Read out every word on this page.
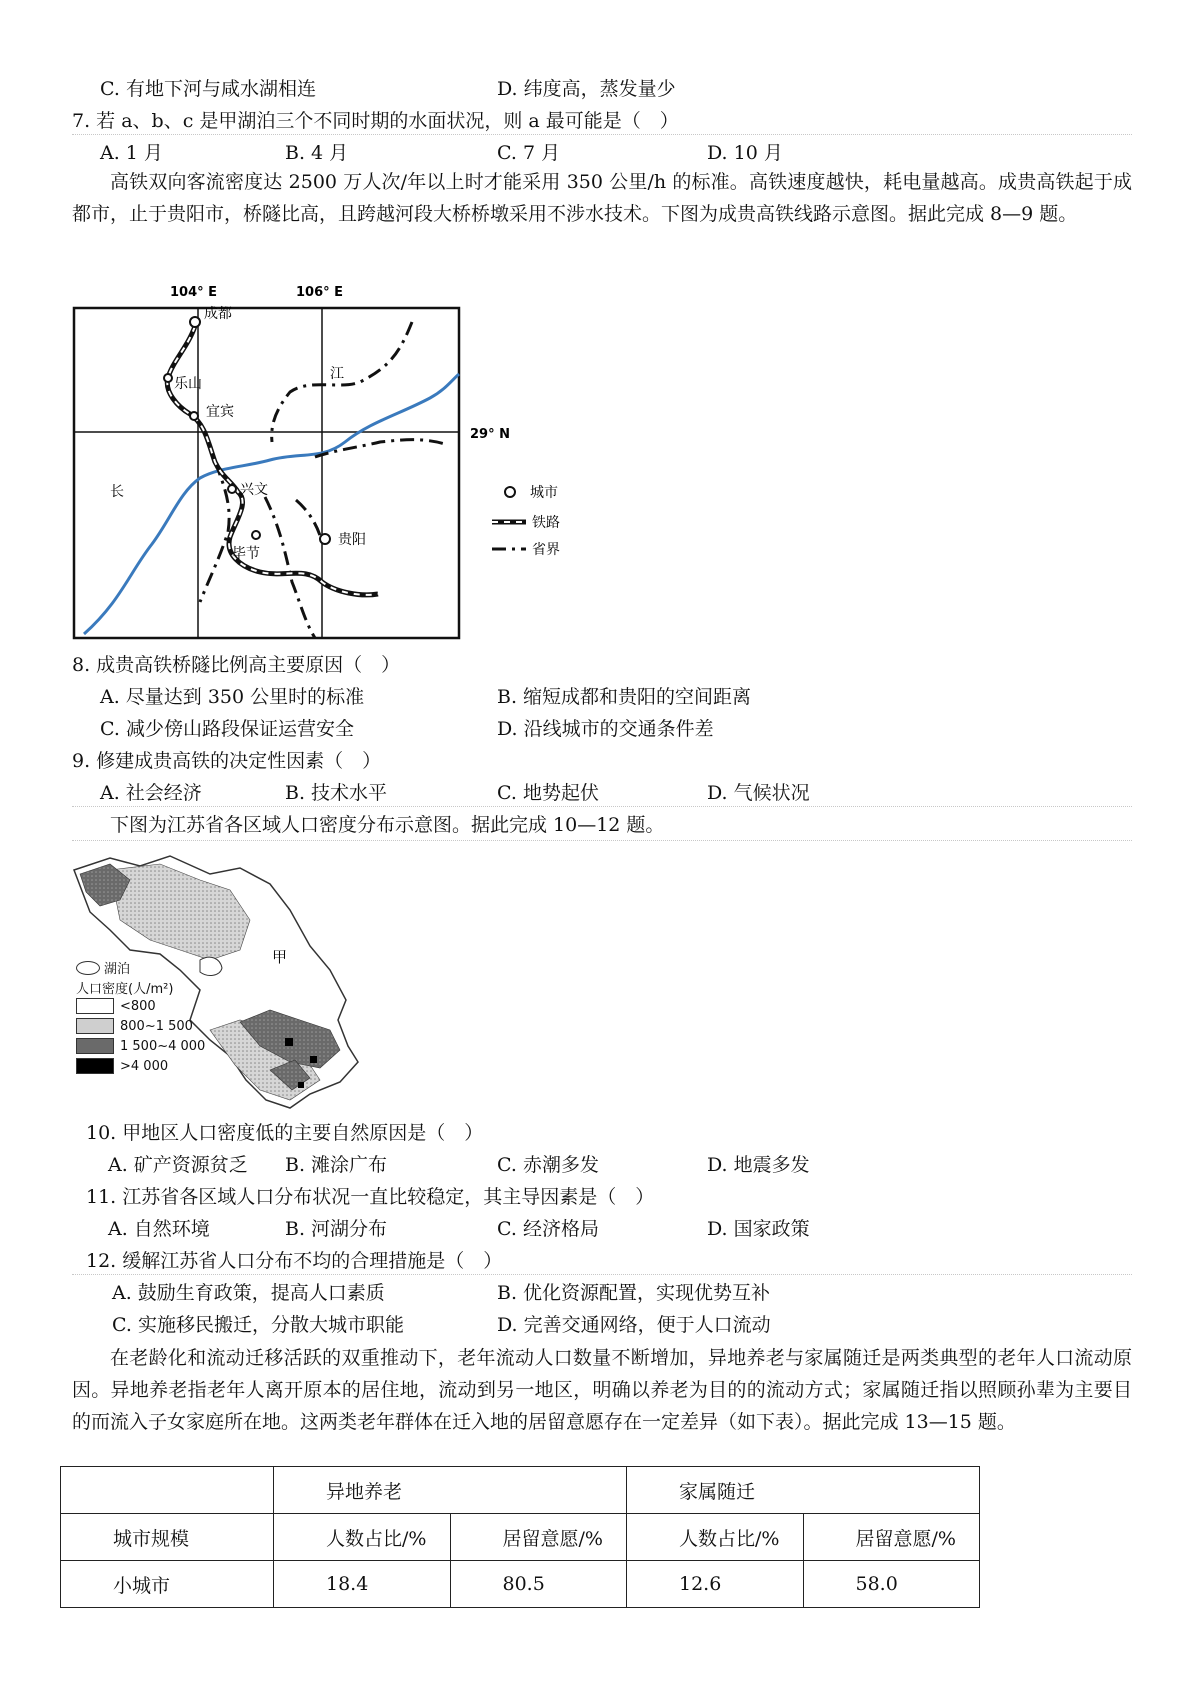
C. 有地下河与咸水湖相连	D. 纬度高，蒸发量少
7. 若 a、b、c 是甲湖泊三个不同时期的水面状况，则 a 最可能是（　）
A. 1 月	B. 4 月	C. 7 月	D. 10 月
高铁双向客流密度达 2500 万人次/年以上时才能采用 350 公里/h 的标准。高铁速度越快，耗电量越高。成贵高铁起于成都市，止于贵阳市，桥隧比高，且跨越河段大桥桥墩采用不涉水技术。下图为成贵高铁线路示意图。据此完成 8—9 题。
104° E	106° E
29° N
成都
乐山
宜宾
兴文
毕节
贵阳
江
长	城市
铁路
省界
8. 成贵高铁桥隧比例高主要原因（　）
A. 尽量达到 350 公里时的标准	B. 缩短成都和贵阳的空间距离
C. 减少傍山路段保证运营安全	D. 沿线城市的交通条件差
9. 修建成贵高铁的决定性因素（　）
A. 社会经济	B. 技术水平	C. 地势起伏	D. 气候状况
下图为江苏省各区域人口密度分布示意图。据此完成 10—12 题。
甲
湖泊
人口密度(人/m²)
<800
800~1 500
1 500~4 000
>4 000
10. 甲地区人口密度低的主要自然原因是（　）
A. 矿产资源贫乏 B. 滩涂广布	C. 赤潮多发	D. 地震多发
11. 江苏省各区域人口分布状况一直比较稳定，其主导因素是（　）
A. 自然环境	B. 河湖分布	C. 经济格局	D. 国家政策
12. 缓解江苏省人口分布不均的合理措施是（　）
A. 鼓励生育政策，提高人口素质	B. 优化资源配置，实现优势互补
C. 实施移民搬迁，分散大城市职能	D. 完善交通网络，便于人口流动
在老龄化和流动迁移活跃的双重推动下，老年流动人口数量不断增加，异地养老与家属随迁是两类典型的老年人口流动原因。异地养老指老年人离开原本的居住地，流动到另一地区，明确以养老为目的的流动方式；家属随迁指以照顾孙辈为主要目的而流入子女家庭所在地。这两类老年群体在迁入地的居留意愿存在一定差异（如下表）。据此完成 13—15 题。
	异地养老		家属随迁	
城市规模	人数占比/%	居留意愿/%	人数占比/%	居留意愿/%
小城市	18.4	80.5	12.6	58.0
